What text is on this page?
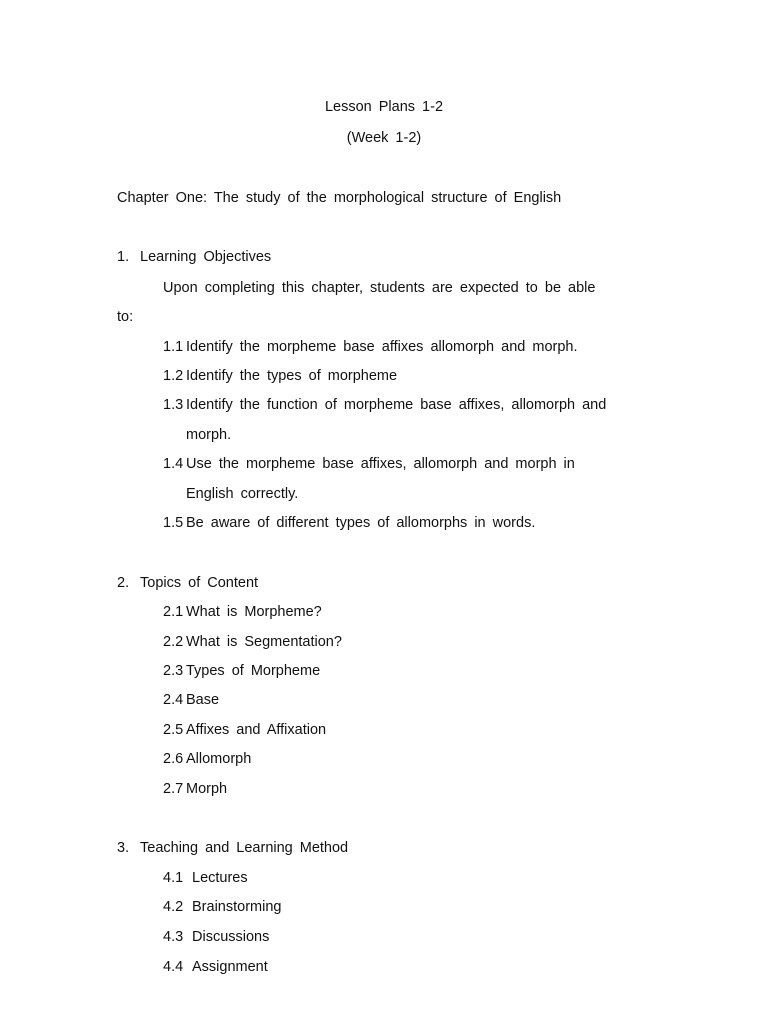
Lesson Plans 1-2
(Week 1-2)
Chapter One: The study of the morphological structure of English
1. Learning Objectives
Upon completing this chapter, students are expected to be able
to:
1.1 Identify the morpheme base affixes allomorph and morph.
1.2 Identify the types of morpheme
1.3 Identify the function of morpheme base affixes, allomorph and
morph.
1.4 Use the morpheme base affixes, allomorph and morph in
English correctly.
1.5 Be aware of different types of allomorphs in words.
2. Topics of Content
2.1 What is Morpheme?
2.2 What is Segmentation?
2.3 Types of Morpheme
2.4 Base
2.5 Affixes and Affixation
2.6 Allomorph
2.7 Morph
3. Teaching and Learning Method
4.1 Lectures
4.2 Brainstorming
4.3 Discussions
4.4 Assignment
